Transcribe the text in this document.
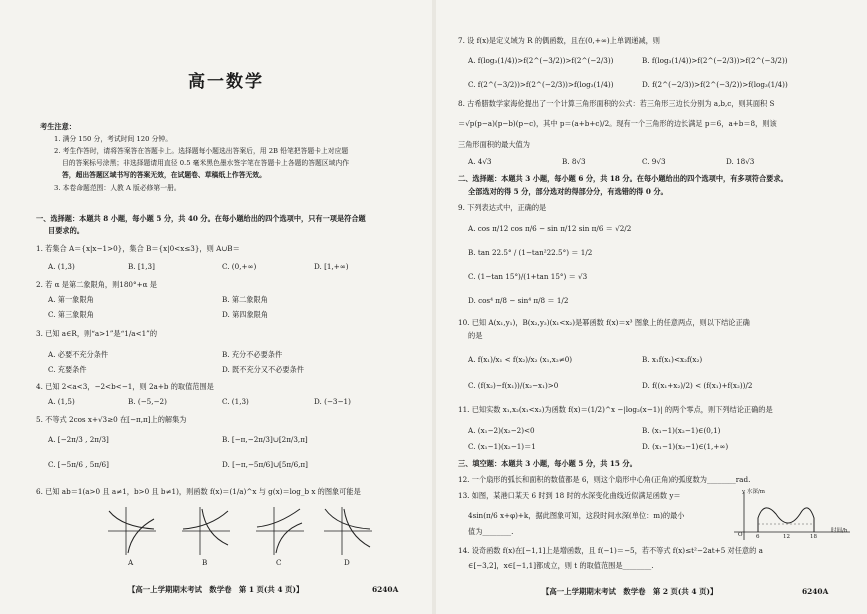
高一数学
考生注意：
1. 满分 150 分，考试时间 120 分钟。
2. 考生作答时，请将答案答在答题卡上。选择题每小题选出答案后，用 2B 铅笔把答题卡上对应题
目的答案标号涂黑；非选择题请用直径 0.5 毫米黑色墨水签字笔在答题卡上各题的答题区域内作
答，超出答题区域书写的答案无效，在试题卷、草稿纸上作答无效。
3. 本卷命题范围：人教 A 版必修第一册。
一、选择题：本题共 8 小题，每小题 5 分，共 40 分。在每小题给出的四个选项中，只有一项是符合题
目要求的。
1. 若集合 A＝{x|x−1>0}，集合 B＝{x|0<x≤3}，则 A∪B＝
A. (1,3)	B. [1,3]	C. (0,+∞)	D. [1,+∞)
2. 若 α 是第二象限角，则180°+α 是
A. 第一象限角	B. 第二象限角
C. 第三象限角	D. 第四象限角
3. 已知 a∈R，则“a>1”是“1/a<1”的
A. 必要不充分条件	B. 充分不必要条件
C. 充要条件	D. 既不充分又不必要条件
4. 已知 2<a<3，−2<b<−1，则 2a+b 的取值范围是
A. (1,5)	B. (−5,−2)	C. (1,3)	D. (−3−1)
5. 不等式 2cos x+√3≥0 在[−π,π]上的解集为
A. [−2π/3 , 2π/3]	B. [−π,−2π/3]∪[2π/3,π]
C. [−5π/6 , 5π/6]	D. [−π,−5π/6]∪[5π/6,π]
6. 已知 ab＝1(a>0 且 a≠1，b>0 且 b≠1)，则函数 f(x)＝(1/a)^x 与 g(x)＝log_b x 的图象可能是
A	B	C	D
【高一上学期期末考试　数学卷　第 1 页(共 4 页)】	6240A
7. 设 f(x)是定义域为 R 的偶函数，且在(0,+∞)上单调递减，则
A. f(log₃(1/4))>f(2^(−3/2))>f(2^(−2/3))	B. f(log₃(1/4))>f(2^(−2/3))>f(2^(−3/2))
C. f(2^(−3/2))>f(2^(−2/3))>f(log₃(1/4))	D. f(2^(−2/3))>f(2^(−3/2))>f(log₃(1/4))
8. 古希腊数学家海伦提出了一个计算三角形面积的公式：若三角形三边长分别为 a,b,c，则其面积 S
＝√p(p−a)(p−b)(p−c)，其中 p＝(a+b+c)/2。现有一个三角形的边长满足 p＝6，a+b＝8，则该
三角形面积的最大值为
A. 4√3	B. 8√3	C. 9√3	D. 18√3
二、选择题：本题共 3 小题，每小题 6 分，共 18 分。在每小题给出的四个选项中，有多项符合要求。
全部选对的得 5 分，部分选对的得部分分，有选错的得 0 分。
9. 下列表达式中，正确的是
A. cos π/12 cos π/6 − sin π/12 sin π/6 ＝ √2/2
B. tan 22.5° / (1−tan²22.5°) ＝ 1/2
C. (1−tan 15°)/(1+tan 15°) ＝ √3
D. cos⁴ π/8 − sin⁴ π/8 ＝ 1/2
10. 已知 A(x₁,y₁)，B(x₂,y₂)(x₁<x₂)是幂函数 f(x)＝x³ 图象上的任意两点，则以下结论正确
的是
A. f(x₁)/x₁ < f(x₂)/x₂ (x₁,x₂≠0)	B. x₁f(x₁)<x₂f(x₂)
C. (f(x₂)−f(x₁))/(x₂−x₁)>0	D. f((x₁+x₂)/2) < (f(x₁)+f(x₂))/2
11. 已知实数 x₁,x₂(x₁<x₂)为函数 f(x)＝(1/2)^x −|log₂(x−1)| 的两个零点，则下列结论正确的是
A. (x₁−2)(x₂−2)<0	B. (x₁−1)(x₂−1)∈(0,1)
C. (x₁−1)(x₂−1)＝1	D. (x₁−1)(x₂−1)∈(1,+∞)
三、填空题：本题共 3 小题，每小题 5 分，共 15 分。
12. 一个扇形的弧长和面积的数值都是 6，则这个扇形中心角(正角)的弧度数为________rad.
13. 如图，某港口某天 6 时到 18 时的水深变化曲线近似满足函数 y＝
4sin(π/6 x+φ)+k，据此图象可知，这段时间水深(单位：m)的最小
值为________.
y 水深/m
时间/h
O 6	12	18
14. 设奇函数 f(x)在[−1,1]上是增函数，且 f(−1)＝−5，若不等式 f(x)≤t²−2at+5 对任意的 a
∈[−3,2]，x∈[−1,1]都成立，则 t 的取值范围是________.
【高一上学期期末考试　数学卷　第 2 页(共 4 页)】	6240A
